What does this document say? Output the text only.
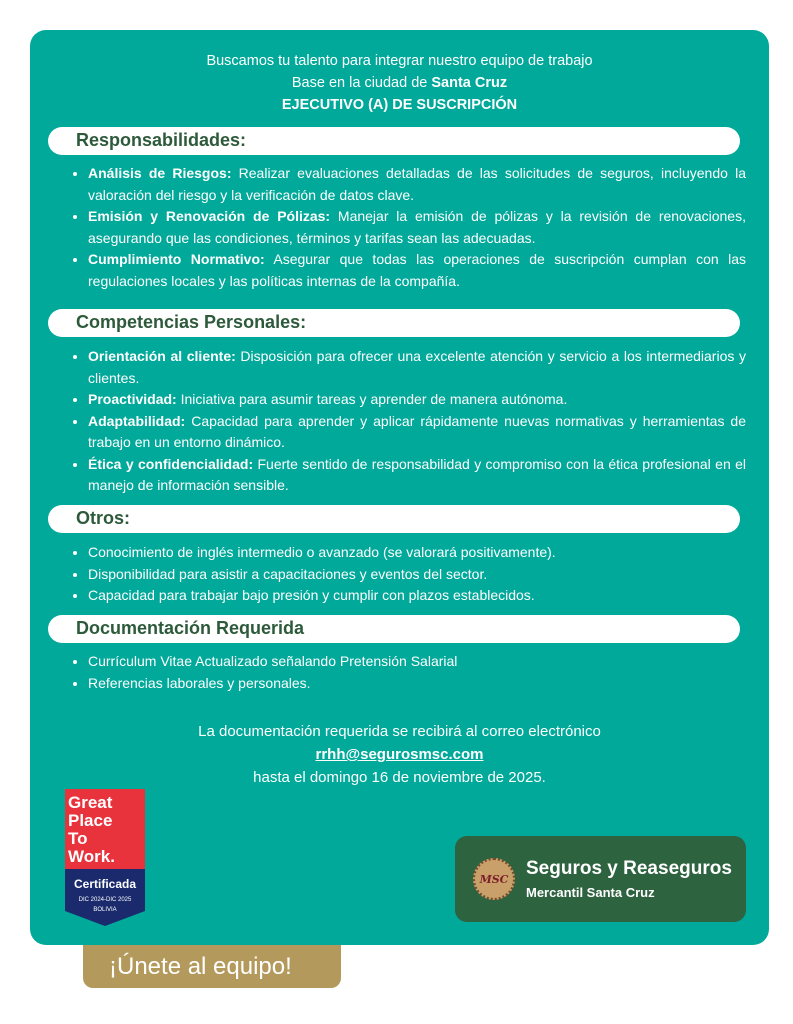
Buscamos tu talento para integrar nuestro equipo de trabajo
Base en la ciudad de Santa Cruz
EJECUTIVO (A) DE SUSCRIPCIÓN
Responsabilidades:
• Análisis de Riesgos: Realizar evaluaciones detalladas de las solicitudes de seguros, incluyendo la valoración del riesgo y la verificación de datos clave.
• Emisión y Renovación de Pólizas: Manejar la emisión de pólizas y la revisión de renovaciones, asegurando que las condiciones, términos y tarifas sean las adecuadas.
• Cumplimiento Normativo: Asegurar que todas las operaciones de suscripción cumplan con las regulaciones locales y las políticas internas de la compañía.
Competencias Personales:
• Orientación al cliente: Disposición para ofrecer una excelente atención y servicio a los intermediarios y clientes.
• Proactividad: Iniciativa para asumir tareas y aprender de manera autónoma.
• Adaptabilidad: Capacidad para aprender y aplicar rápidamente nuevas normativas y herramientas de trabajo en un entorno dinámico.
• Ética y confidencialidad: Fuerte sentido de responsabilidad y compromiso con la ética profesional en el manejo de información sensible.
Otros:
• Conocimiento de inglés intermedio o avanzado (se valorará positivamente).
• Disponibilidad para asistir a capacitaciones y eventos del sector.
• Capacidad para trabajar bajo presión y cumplir con plazos establecidos.
Documentación Requerida
• Currículum Vitae Actualizado señalando Pretensión Salarial
• Referencias laborales y personales.
La documentación requerida se recibirá al correo electrónico
rrhh@segurosmsc.com
hasta el domingo 16 de noviembre de 2025.
Great
Place
To
Work.
Certificada
DIC 2024-DIC 2025
BOLIVIA
MSC Seguros y Reaseguros
Mercantil Santa Cruz
¡Únete al equipo!
